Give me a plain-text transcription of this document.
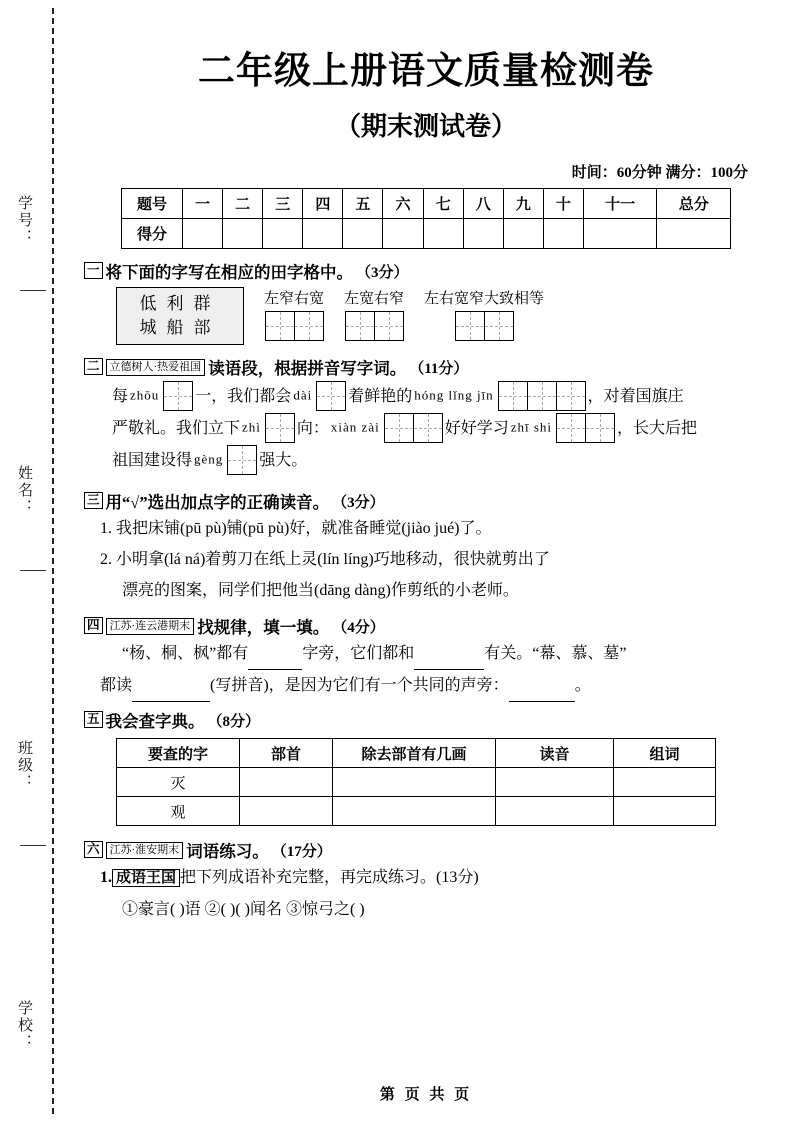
学号：
姓名：
班级：
学校：
二年级上册语文质量检测卷
（期末测试卷）
时间：60分钟 满分：100分
题号	一	二	三	四	五	六	七	八	九	十	十一	总分
得分												
一 将下面的字写在相应的田字格中。 （3分）
低利群
城船部
左窄右宽 左宽右窄 左右宽窄大致相等
二 立德树人·热爱祖国 读语段，根据拼音写字词。 （11分）
每 zhōu	一，我们都会 dài	着鲜艳的 hóng lǐng jīn	，对着国旗庄
严敬礼。我们立下 zhì	向： xiàn zài	好好学习 zhī shi	，长大后把
祖国建设得 gèng	强大。
三 用“√”选出加点字的正确读音。 （3分）
1. 我把床铺(pū pù)铺(pū pù)好，就准备睡觉(jiào jué)了。
2. 小明拿(lá ná)着剪刀在纸上灵(lín líng)巧地移动，很快就剪出了
漂亮的图案，同学们把他当(dāng dàng)作剪纸的小老师。
四 江苏·连云港期末 找规律，填一填。 （4分）
“杨、桐、枫”都有	字旁，它们都和	有关。“幕、慕、墓”
都读	(写拼音)，是因为它们有一个共同的声旁：	。
五 我会查字典。 （8分）
要查的字	部首	除去部首有几画	读音	组词
灭				
观				
六 江苏·淮安期末 词语练习。 （17分）
1. 成语王国 把下列成语补充完整，再完成练习。(13分)
①豪言( )语 ②( )( )闻名 ③惊弓之( )
第 页 共 页
